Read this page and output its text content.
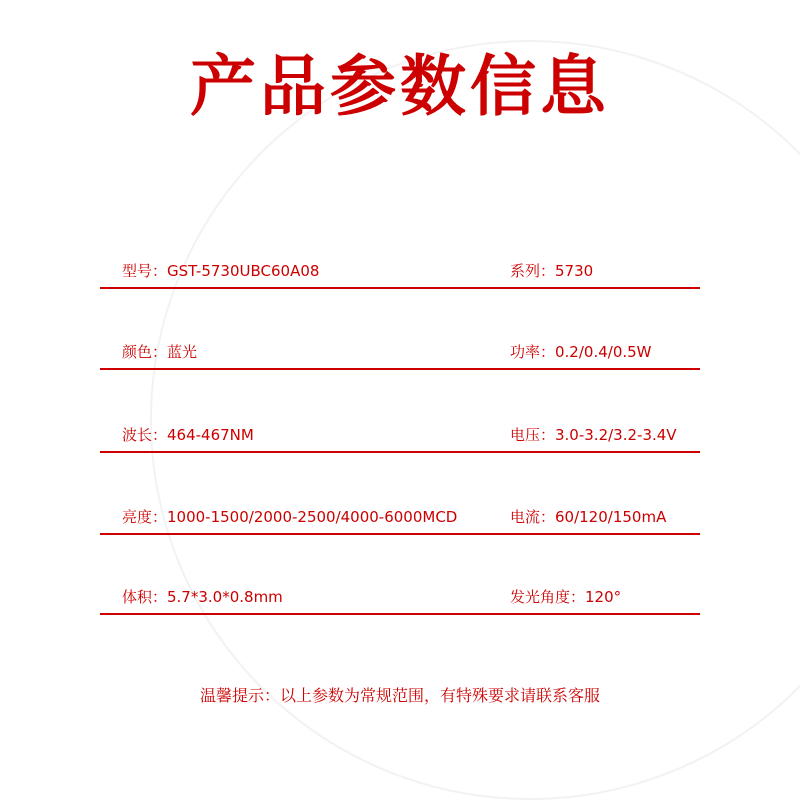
产品参数信息
型号：GST-5730UBC60A08	系列：5730
颜色：蓝光	功率：0.2/0.4/0.5W
波长：464-467NM	电压：3.0-3.2/3.2-3.4V
亮度：1000-1500/2000-2500/4000-6000MCD	电流：60/120/150mA
体积：5.7*3.0*0.8mm	发光角度：120°
温馨提示：以上参数为常规范围，有特殊要求请联系客服
